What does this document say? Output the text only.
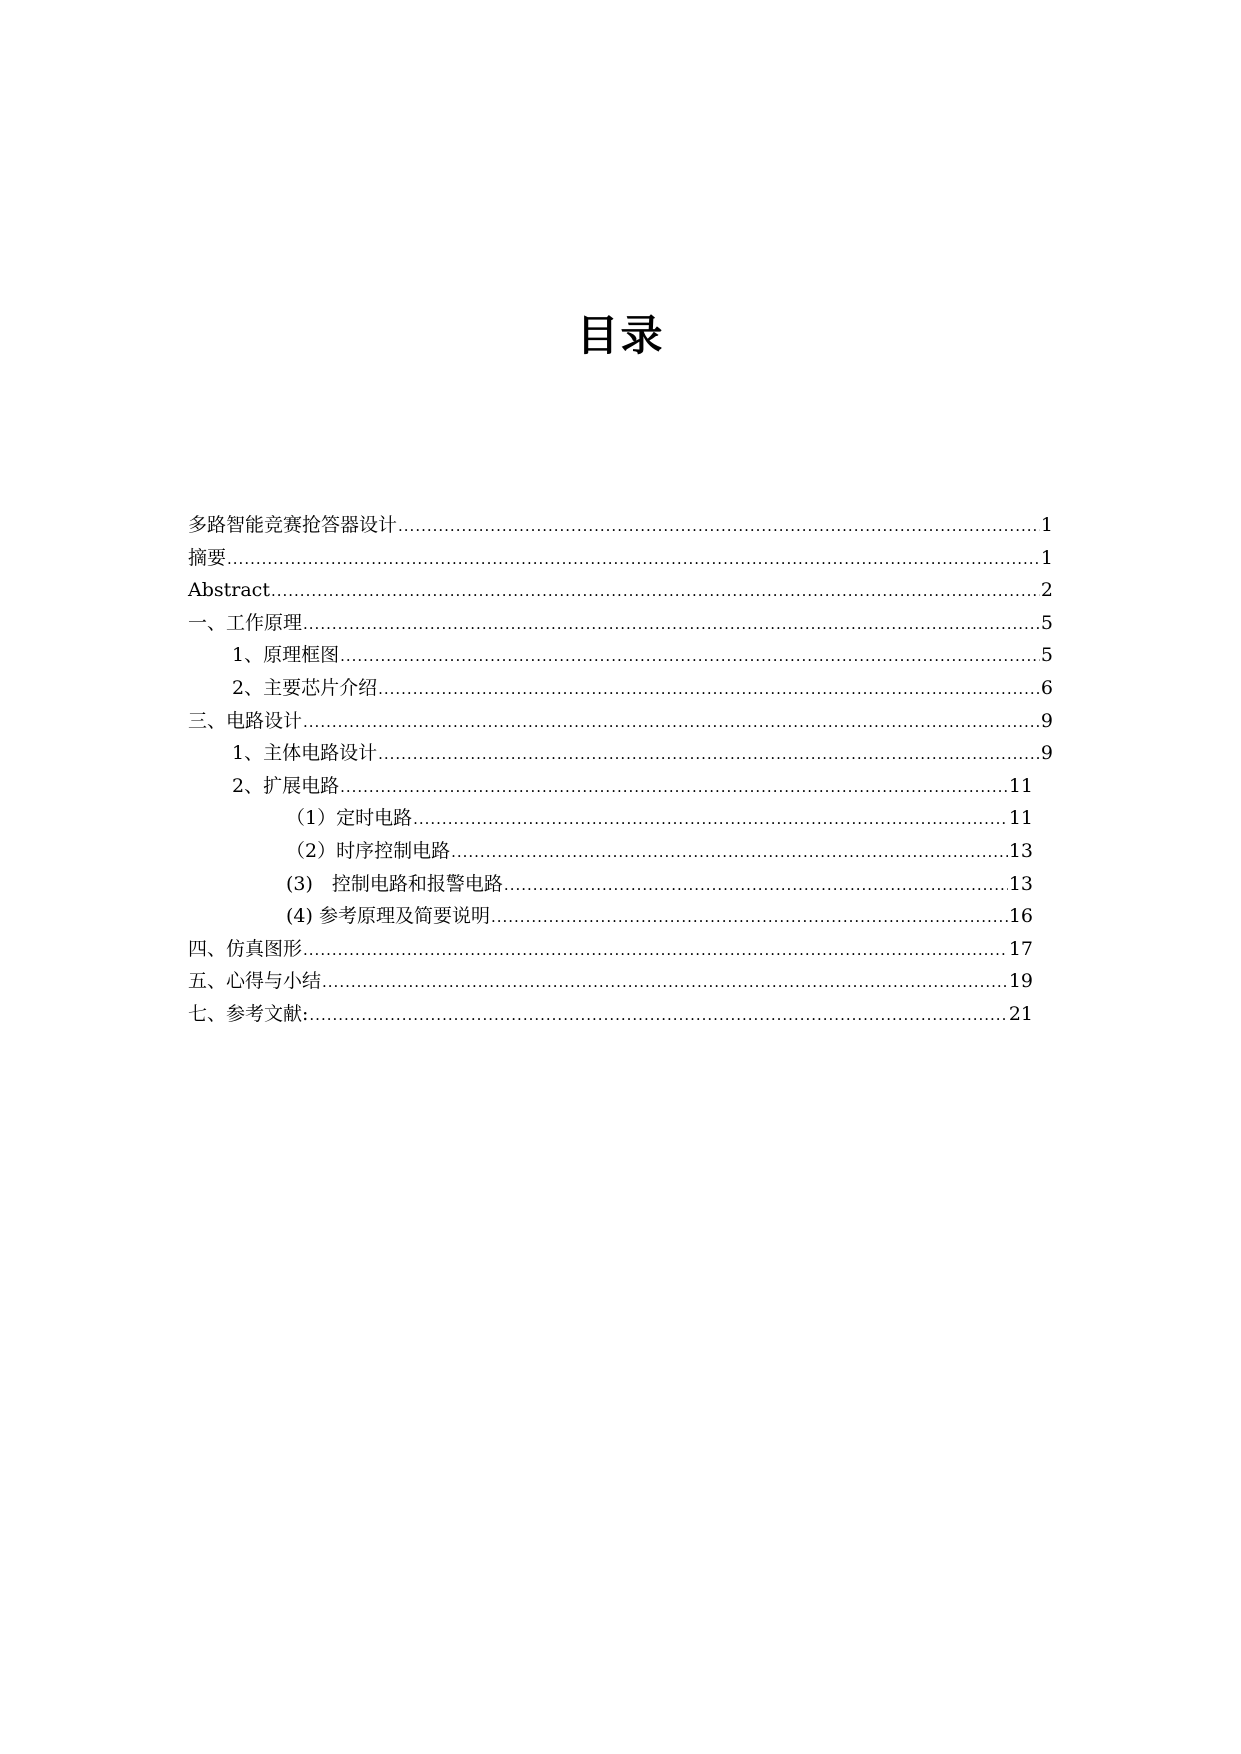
目录
多路智能竞赛抢答器设计 .....	1
摘要 .....	1
Abstract .....	2
一、工作原理 .....	5
1、原理框图 .....	5
2、主要芯片介绍 .....	6
三、电路设计 .....	9
1、主体电路设计 .....	9
2、扩展电路 .....	11
（1）定时电路 .....	11
（2）时序控制电路 .....	13
(3)　控制电路和报警电路 .....	13
(4) 参考原理及简要说明 .....	16
四、仿真图形 .....	17
五、心得与小结 .....	19
七、参考文献: .....	21
